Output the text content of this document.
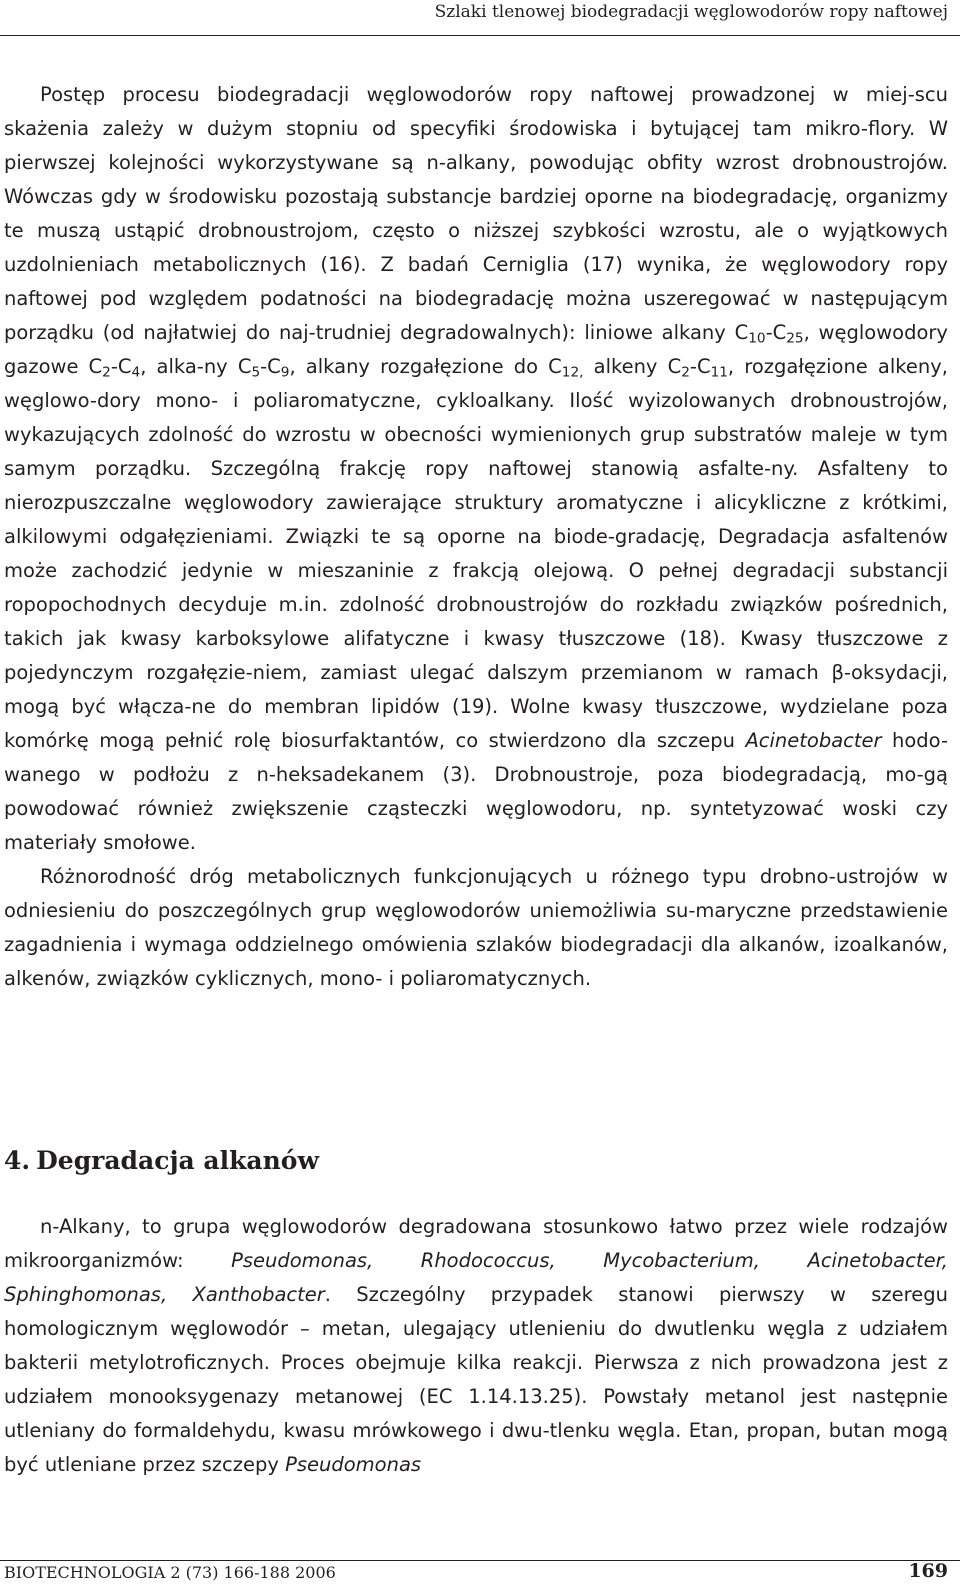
Szlaki tlenowej biodegradacji węglowodorów ropy naftowej

Postęp procesu biodegradacji węglowodorów ropy naftowej prowadzonej w miej-scu skażenia zależy w dużym stopniu od specyfiki środowiska i bytującej tam mikro-flory. W pierwszej kolejności wykorzystywane są n-alkany, powodując obfity wzrost drobnoustrojów. Wówczas gdy w środowisku pozostają substancje bardziej oporne na biodegradację, organizmy te muszą ustąpić drobnoustrojom, często o niższej szybkości wzrostu, ale o wyjątkowych uzdolnieniach metabolicznych (16). Z badań Cerniglia (17) wynika, że węglowodory ropy naftowej pod względem podatności na biodegradację można uszeregować w następującym porządku (od najłatwiej do naj-trudniej degradowalnych): liniowe alkany $C_{10}-C_{25}$, węglowodory gazowe $C_2-C_4$, alka-ny $C_5-C_9$, alkany rozgałęzione do $C_{12,}$ alkeny $C_2-C_{11}$, rozgałęzione alkeny, węglowo-dory mono- i poliaromatyczne, cykloalkany. Ilość wyizolowanych drobnoustrojów, wykazujących zdolność do wzrostu w obecności wymienionych grup substratów maleje w tym samym porządku. Szczególną frakcję ropy naftowej stanowią asfalte-ny. Asfalteny to nierozpuszczalne węglowodory zawierające struktury aromatyczne i alicykliczne z krótkimi, alkilowymi odgałęzieniami. Związki te są oporne na biode-gradację, Degradacja asfaltenów może zachodzić jedynie w mieszaninie z frakcją olejową. O pełnej degradacji substancji ropopochodnych decyduje m.in. zdolność drobnoustrojów do rozkładu związków pośrednich, takich jak kwasy karboksylowe alifatyczne i kwasy tłuszczowe (18). Kwasy tłuszczowe z pojedynczym rozgałęzie-niem, zamiast ulegać dalszym przemianom w ramach β-oksydacji, mogą być włącza-ne do membran lipidów (19). Wolne kwasy tłuszczowe, wydzielane poza komórkę mogą pełnić rolę biosurfaktantów, co stwierdzono dla szczepu Acinetobacter hodo-wanego w podłożu z n-heksadekanem (3). Drobnoustroje, poza biodegradacją, mo-gą powodować również zwiększenie cząsteczki węglowodoru, np. syntetyzować woski czy materiały smołowe.

Różnorodność dróg metabolicznych funkcjonujących u różnego typu drobno-ustrojów w odniesieniu do poszczególnych grup węglowodorów uniemożliwia su-maryczne przedstawienie zagadnienia i wymaga oddzielnego omówienia szlaków biodegradacji dla alkanów, izoalkanów, alkenów, związków cyklicznych, mono- i poliaromatycznych.

4. Degradacja alkanów

n-Alkany, to grupa węglowodorów degradowana stosunkowo łatwo przez wiele rodzajów mikroorganizmów: Pseudomonas, Rhodococcus, Mycobacterium, Acinetobacter, Sphinghomonas, Xanthobacter. Szczególny przypadek stanowi pierwszy w szeregu homologicznym węglowodór – metan, ulegający utlenieniu do dwutlenku węgla z udziałem bakterii metylotroficznych. Proces obejmuje kilka reakcji. Pierwsza z nich prowadzona jest z udziałem monooksygenazy metanowej (EC 1.14.13.25). Powstały metanol jest następnie utleniany do formaldehydu, kwasu mrówkowego i dwu-tlenku węgla. Etan, propan, butan mogą być utleniane przez szczepy Pseudomonas

BIOTECHNOLOGIA 2 (73) 166-188 2006	169
